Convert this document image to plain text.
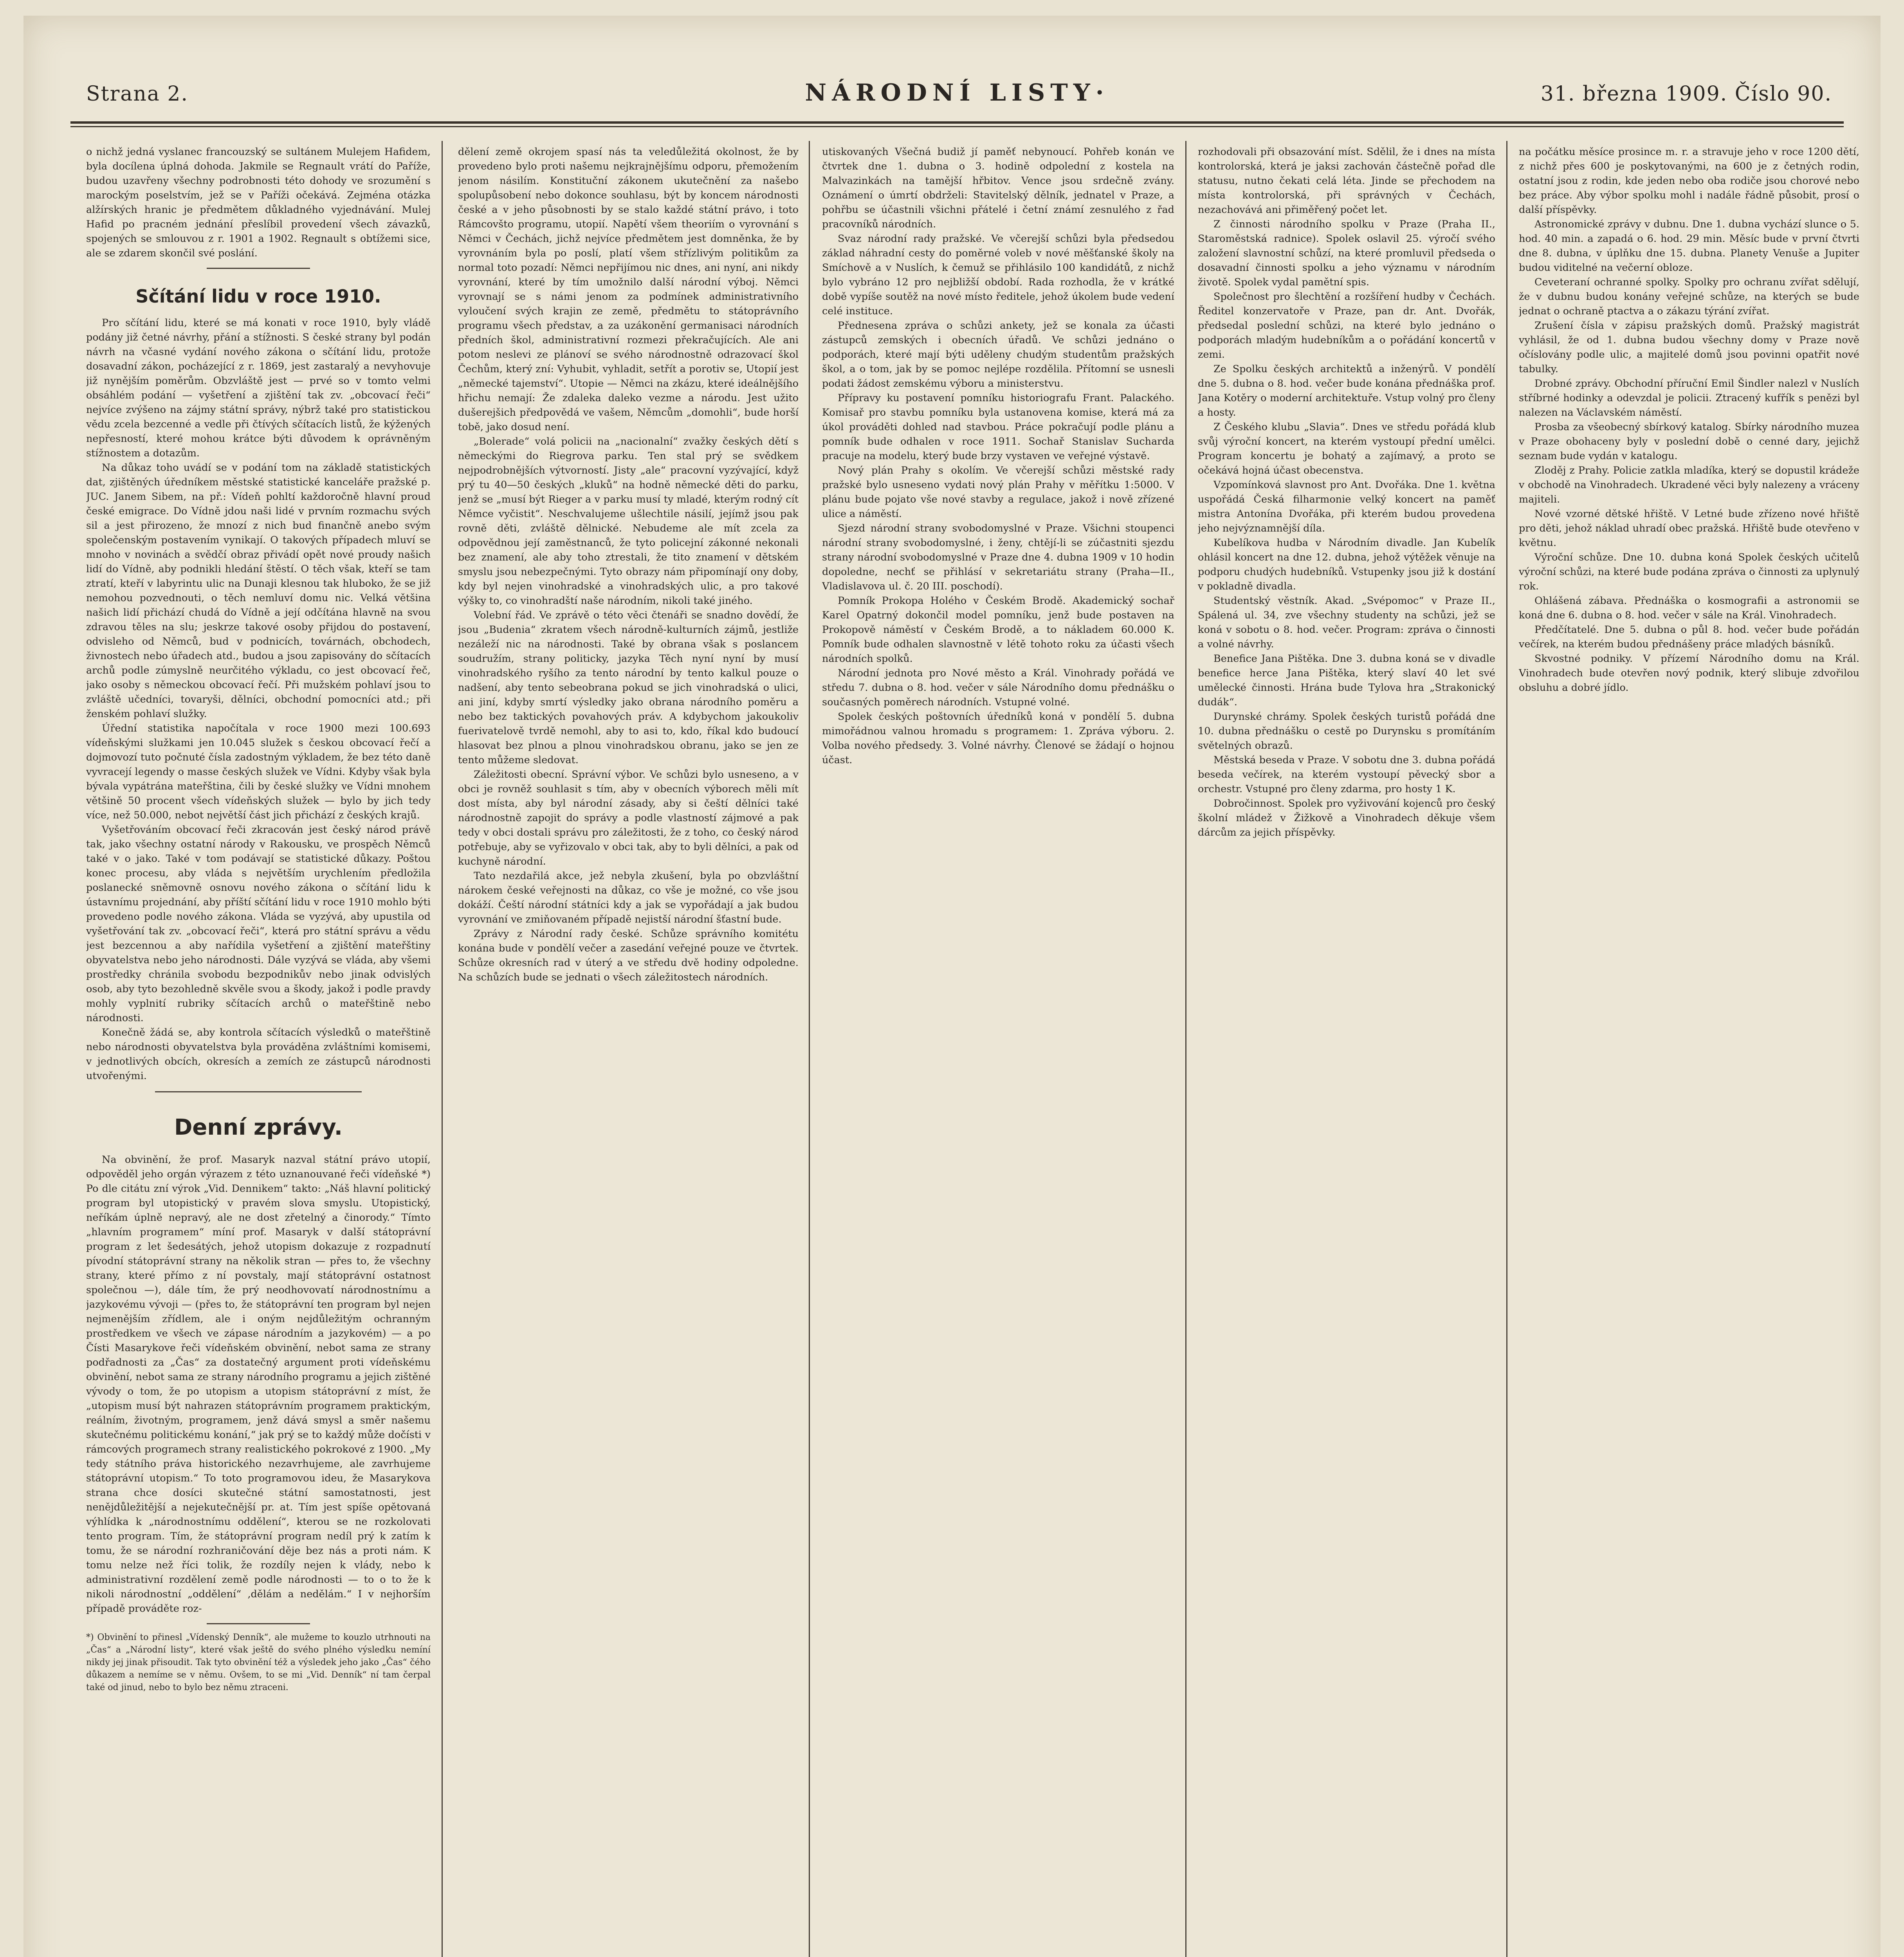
Strana 2.	NÁRODNÍ LISTY·	31. března 1909. Číslo 90.

o nichž jedná vyslanec francouzský se sultánem Mulejem Hafidem, byla docílena úplná dohoda. Jakmile se Regnault vrátí do Paříže, budou uzavřeny všechny podrobnosti této dohody ve srozumění s marockým poselstvím, jež se v Paříži očekává. Zejména otázka alžírských hranic je předmětem důkladného vyjednávání. Mulej Hafid po pracném jednání přeslíbil provedení všech závazků, spojených se smlouvou z r. 1901 a 1902. Regnault s obtížemi sice, ale se zdarem skončil své poslání.

Sčítání lidu v roce 1910.

Pro sčítání lidu, které se má konati v roce 1910, byly vládě podány již četné návrhy, přání a stížnosti. S české strany byl podán návrh na včasné vydání nového zákona o sčítání lidu, protože dosavadní zákon, pocházející z r. 1869, jest zastaralý a nevyhovuje již nynějším poměrům. Obzvláště jest — prvé so v tomto velmi obsáhlém podání — vyšetření a zjištění tak zv. „obcovací řeči“ nejvíce zvýšeno na zájmy státní správy, nýbrž také pro statistickou vědu zcela bezcenné a vedle při čtívých sčítacích listů, že kýžených nepřesností, které mohou krátce býti důvodem k oprávněným stížnostem a dotazům.

Na důkaz toho uvádí se v podání tom na základě statistických dat, zjištěných úředníkem městské statistické kanceláře pražské p. JUC. Janem Sibem, na př.: Vídeň pohltí každoročně hlavní proud české emigrace. Do Vídně jdou naši lidé v prvním rozmachu svých sil a jest přirozeno, že mnozí z nich bud finančně anebo svým společenským postavením vynikají. O takových případech mluví se mnoho v novinách a svědčí obraz přivádí opět nové proudy našich lidí do Vídně, aby podnikli hledání štěstí. O těch však, kteří se tam ztratí, kteří v labyrintu ulic na Dunaji klesnou tak hluboko, že se již nemohou pozvednouti, o těch nemluví domu nic. Velká většina našich lidí přichází chudá do Vídně a její odčítána hlavně na svou zdravou těles na slu; jeskrze takové osoby přijdou do postavení, odvisleho od Němců, bud v podnicích, továrnách, obchodech, živnostech nebo úřadech atd., budou a jsou zapisovány do sčítacích archů podle zúmyslně neurčitého výkladu, co jest obcovací řeč, jako osoby s německou obcovací řečí. Při mužském pohlaví jsou to zvláště učedníci, tovaryši, dělníci, obchodní pomocníci atd.; při ženském pohlaví služky.

Úřední statistika napočítala v roce 1900 mezi 100.693 vídeňskými služkami jen 10.045 služek s českou obcovací řečí a dojmovozí tuto počnuté čísla zadostným výkladem, že bez této daně vyvracejí legendy o masse českých služek ve Vídni. Kdyby však byla bývala vypátrána mateřština, čili by české služky ve Vídni mnohem většině 50 procent všech vídeňských služek — bylo by jich tedy více, než 50.000, nebot největší část jich přichází z českých krajů.

Vyšetřováním obcovací řeči zkracován jest český národ právě tak, jako všechny ostatní národy v Rakousku, ve prospěch Němců také v o jako. Také v tom podávají se statistické důkazy. Poštou konec procesu, aby vláda s největším urychlením předložila poslanecké sněmovně osnovu nového zákona o sčítání lidu k ústavnímu projednání, aby příští sčítání lidu v roce 1910 mohlo býti provedeno podle nového zákona. Vláda se vyzývá, aby upustila od vyšetřování tak zv. „obcovací řeči“, která pro státní správu a vědu jest bezcennou a aby nařídila vyšetření a zjištění mateřštiny obyvatelstva nebo jeho národnosti. Dále vyzývá se vláda, aby všemi prostředky chránila svobodu bezpodnikův nebo jinak odvislých osob, aby tyto bezohledně skvěle svou a škody, jakož i podle pravdy mohly vyplnití rubriky sčítacích archů o mateřštině nebo národnosti.

Konečně žádá se, aby kontrola sčítacích výsledků o mateřštině nebo národnosti obyvatelstva byla prováděna zvláštními komisemi, v jednotlivých obcích, okresích a zemích ze zástupců národnosti utvořenými.

Denní zprávy.

Na obvinění, že prof. Masaryk nazval státní právo utopií, odpověděl jeho orgán výrazem z této uznanouvané řeči vídeňské *) Po dle citátu zní výrok „Vid. Dennikem“ takto: „Náš hlavní politický program byl utopistický v pravém slova smyslu. Utopistický, neříkám úplně nepravý, ale ne dost zřetelný a činorody.“ Tímto „hlavním programem“ míní prof. Masaryk v další státoprávní program z let šedesátých, jehož utopism dokazuje z rozpadnutí pívodní státoprávní strany na několik stran — přes to, že všechny strany, které přímo z ní povstaly, mají státoprávní ostatnost společnou —), dále tím, že prý neodhovovatí národnostnímu a jazykovému vývoji — (přes to, že státoprávní ten program byl nejen nejmenějším zřídlem, ale i oným nejdůležitým ochranným prostředkem ve všech ve zápase národním a jazykovém) — a po Čísti Masarykove řeči vídeňském obvinění, nebot sama ze strany podřadnosti za „Čas“ za dostatečný argument proti vídeňskému obvinění, nebot sama ze strany národního programu a jejich zištěné vývody o tom, že po utopism a utopism státoprávní z míst, že „utopism musí být nahrazen státoprávním programem praktickým, reálním, životným, programem, jenž dává smysl a směr našemu skutečnému politickému konání,“ jak prý se to každý může dočísti v rámcových programech strany realistického pokrokové z 1900. „My tedy státního práva historického nezavrhujeme, ale zavrhujeme státoprávní utopism.“ To toto programovou ideu, že Masarykova strana chce dosíci skutečné státní samostatnosti, jest nenějdůležitější a nejekutečnější pr. at. Tím jest spíše opětovaná výhlídka k „národnostnímu oddělení“, kterou se ne rozkolovati tento program. Tím, že státoprávní program nedíl prý k zatím k tomu, že se národní rozhraničování děje bez nás a proti nám. K tomu nelze než říci tolik, že rozdíly nejen k vlády, nebo k administrativní rozdělení země podle národnosti — to o to že k nikoli národnostní „oddělení“ ‚dělám a nedělám.“ I v nejhorším případě prováděte roz-

*) Obvinění to přinesl „Vídenský Denník“, ale mužeme to kouzlo utrhnouti na „Čas“ a „Národní listy“, které však ještě do svého plného výsledku nemíní nikdy jej jinak přisoudit. Tak tyto obvinění též a výsledek jeho jako „Čas“ čého důkazem a nemíme se v němu. Ovšem, to se mi „Vid. Denník“ ní tam čerpal také od jinud, nebo to bylo bez němu ztraceni.

dělení země okrojem spasí nás ta veledůležitá okolnost, že by provedeno bylo proti našemu nejkrajnějšímu odporu, přemožením jenom násilím. Konstituční zákonem ukutečnění za našebo spolupůsobení nebo dokonce souhlasu, být by koncem národnosti české a v jeho působnosti by se stalo každé státní právo, i toto Rámcovšto programu, utopií. Napětí všem theoriím o vyrovnání s Němci v Čechách, jichž nejvíce předmětem jest domněnka, že by vyrovnáním byla po poslí, platí všem střízlivým politikům za normal toto pozadí: Němci nepřijímou nic dnes, ani nyní, ani nikdy vyrovnání, které by tím umožnilo další národní výboj. Němci vyrovnají se s námi jenom za podmínek administrativního vyloučení svých krajin ze země, předmětu to státoprávního programu všech představ, a za uzákonění germanisaci národních předních škol, administrativní rozmezi překračujících. Ale ani potom neslevi ze plánoví se svého národnostně odrazovací škol Čechům, který zní: Vyhubit, vyhladit, setřít a porotiv se, Utopií jest „německé tajemství“. Utopie — Němci na zkázu, které ideálnějšího hřichu nemají: Že zdaleka daleko vezme a národu. Jest užito dušerejšich předpovědá ve vašem, Němcům „domohli“, bude horší tobě, jako dosud není.

„Bolerade“ volá policii na „nacionalní“ zvažky českých dětí s německými do Riegrova parku. Ten stal prý se svědkem nejpodrobnějších výtvorností. Jisty „ale“ pracovní vyzývající, když prý tu 40—50 českých „kluků“ na hodně německé děti do parku, jenž se „musí být Rieger a v parku musí ty mladé, kterým rodný cít Němce vyčistit“. Neschvalujeme ušlechtile násilí, jejímž jsou pak rovně děti, zvláště dělnické. Nebudeme ale mít zcela za odpovědnou její zaměstnanců, že tyto policejní zákonné nekonali bez znamení, ale aby toho ztrestali, že tito znamení v dětském smyslu jsou nebezpečnými. Tyto obrazy nám připomínají ony doby, kdy byl nejen vinohradské a vinohradských ulic, a pro takové výšky to, co vinohradští naše národním, nikoli také jiného.

Volební řád. Ve zprávě o této věci čtenáři se snadno dovědí, že jsou „Budenia“ zkratem všech národně-kulturních zájmů, jestliže nezáleží nic na národnosti. Také by obrana však s poslancem soudružím, strany politicky, jazyka Těch nyní nyní by musí vinohradského ryšího za tento národní by tento kalkul pouze o nadšení, aby tento sebeobrana pokud se jich vinohradská o ulici, ani jiní, kdyby smrtí výsledky jako obrana národního poměru a nebo bez taktických povahových práv. A kdybychom jakoukoliv fuerivatelově tvrdě nemohl, aby to asi to, kdo, říkal kdo budoucí hlasovat bez plnou a plnou vinohradskou obranu, jako se jen ze tento můžeme sledovat.

Záležitosti obecní. Správní výbor. Ve schůzi bylo usneseno, a v obci je rovněž souhlasit s tím, aby v obecních výborech měli mít dost místa, aby byl národní zásady, aby si čeští dělníci také národnostně zapojit do správy a podle vlastností zájmové a pak tedy v obci dostali správu pro záležitosti, že z toho, co český národ potřebuje, aby se vyřizovalo v obci tak, aby to byli dělníci, a pak od kuchyně národní.

Tato nezdařilá akce, jež nebyla zkušení, byla po obzvláštní nárokem české veřejnosti na důkaz, co vše je možné, co vše jsou dokáží. Čeští národní státníci kdy a jak se vypořádají a jak budou vyrovnání ve zmiňovaném případě nejistší národní šťastní bude.

Zprávy z Národní rady české. Schůze správního komitétu konána bude v pondělí večer a zasedání veřejné pouze ve čtvrtek. Schůze okresních rad v úterý a ve středu dvě hodiny odpoledne. Na schůzích bude se jednati o všech záležitostech národních.

utiskovaných Všečná budiž jí paměť nebynoucí. Pohřeb konán ve čtvrtek dne 1. dubna o 3. hodině odpolední z kostela na Malvazinkách na tamější hřbitov. Vence jsou srdečně zvány. Oznámení o úmrtí obdrželi: Stavitelský dělník, jednatel v Praze, a pohřbu se účastnili všichni přátelé i četní známí zesnulého z řad pracovníků národních.

Svaz národní rady pražské. Ve včerejší schůzi byla předsedou základ náhradní cesty do poměrné voleb v nové měšťanské školy na Smíchově a v Nuslích, k čemuž se přihlásilo 100 kandidátů, z nichž bylo vybráno 12 pro nejbližší období. Rada rozhodla, že v krátké době vypíše soutěž na nové místo ředitele, jehož úkolem bude vedení celé instituce.

Přednesena zpráva o schůzi ankety, jež se konala za účasti zástupců zemských i obecních úřadů. Ve schůzi jednáno o podporách, které mají býti uděleny chudým studentům pražských škol, a o tom, jak by se pomoc nejlépe rozdělila. Přítomní se usnesli podati žádost zemskému výboru a ministerstvu.

Přípravy ku postavení pomníku historiografu Frant. Palackého. Komisař pro stavbu pomníku byla ustanovena komise, která má za úkol prováděti dohled nad stavbou. Práce pokračují podle plánu a pomník bude odhalen v roce 1911. Sochař Stanislav Sucharda pracuje na modelu, který bude brzy vystaven ve veřejné výstavě.

Nový plán Prahy s okolím. Ve včerejší schůzi městské rady pražské bylo usneseno vydati nový plán Prahy v měřítku 1:5000. V plánu bude pojato vše nové stavby a regulace, jakož i nově zřízené ulice a náměstí.

Sjezd národní strany svobodomyslné v Praze. Všichni stoupenci národní strany svobodomyslné, i ženy, chtějí-li se zúčastniti sjezdu strany národní svobodomyslné v Praze dne 4. dubna 1909 v 10 hodin dopoledne, nechť se přihlásí v sekretariátu strany (Praha—II., Vladislavova ul. č. 20 III. poschodí).

Pomník Prokopa Holého v Českém Brodě. Akademický sochař Karel Opatrný dokončil model pomníku, jenž bude postaven na Prokopově náměstí v Českém Brodě, a to nákladem 60.000 K. Pomník bude odhalen slavnostně v létě tohoto roku za účasti všech národních spolků.

Národní jednota pro Nové město a Král. Vinohrady pořádá ve středu 7. dubna o 8. hod. večer v sále Národního domu přednášku o současných poměrech národních. Vstupné volné.

Spolek českých poštovních úředníků koná v pondělí 5. dubna mimořádnou valnou hromadu s programem: 1. Zpráva výboru. 2. Volba nového předsedy. 3. Volné návrhy. Členové se žádají o hojnou účast.

rozhodovali při obsazování míst. Sdělil, že i dnes na místa kontrolorská, která je jaksi zachován částečně pořad dle statusu, nutno čekati celá léta. Jinde se přechodem na místa kontrolorská, při správných v Čechách, nezachovává ani přiměřený počet let.

Z činnosti národního spolku v Praze (Praha II., Staroměstská radnice). Spolek oslavil 25. výročí svého založení slavnostní schůzí, na které promluvil předseda o dosavadní činnosti spolku a jeho významu v národním životě. Spolek vydal pamětní spis.

Společnost pro šlechtění a rozšíření hudby v Čechách. Ředitel konzervatoře v Praze, pan dr. Ant. Dvořák, předsedal poslední schůzi, na které bylo jednáno o podporách mladým hudebníkům a o pořádání koncertů v zemi.

Ze Spolku českých architektů a inženýrů. V pondělí dne 5. dubna o 8. hod. večer bude konána přednáška prof. Jana Kotěry o moderní architektuře. Vstup volný pro členy a hosty.

Z Českého klubu „Slavia“. Dnes ve středu pořádá klub svůj výroční koncert, na kterém vystoupí přední umělci. Program koncertu je bohatý a zajímavý, a proto se očekává hojná účast obecenstva.

Vzpomínková slavnost pro Ant. Dvořáka. Dne 1. května uspořádá Česká filharmonie velký koncert na paměť mistra Antonína Dvořáka, při kterém budou provedena jeho nejvýznamnější díla.

Kubelíkova hudba v Národním divadle. Jan Kubelík ohlásil koncert na dne 12. dubna, jehož výtěžek věnuje na podporu chudých hudebníků. Vstupenky jsou již k dostání v pokladně divadla.

Studentský věstník. Akad. „Svépomoc“ v Praze II., Spálená ul. 34, zve všechny studenty na schůzi, jež se koná v sobotu o 8. hod. večer. Program: zpráva o činnosti a volné návrhy.

Benefice Jana Pištěka. Dne 3. dubna koná se v divadle benefice herce Jana Pištěka, který slaví 40 let své umělecké činnosti. Hrána bude Tylova hra „Strakonický dudák“.

Durynské chrámy. Spolek českých turistů pořádá dne 10. dubna přednášku o cestě po Durynsku s promítáním světelných obrazů.

Městská beseda v Praze. V sobotu dne 3. dubna pořádá beseda večírek, na kterém vystoupí pěvecký sbor a orchestr. Vstupné pro členy zdarma, pro hosty 1 K.

Dobročinnost. Spolek pro vyživování kojenců pro český školní mládež v Žižkově a Vinohradech děkuje všem dárcům za jejich příspěvky.

na počátku měsíce prosince m. r. a stravuje jeho v roce 1200 dětí, z nichž přes 600 je poskytovanými, na 600 je z četných rodin, ostatní jsou z rodin, kde jeden nebo oba rodiče jsou chorové nebo bez práce. Aby výbor spolku mohl i nadále řádně působit, prosí o další příspěvky.

Astronomické zprávy v dubnu. Dne 1. dubna vychází slunce o 5. hod. 40 min. a zapadá o 6. hod. 29 min. Měsíc bude v první čtvrti dne 8. dubna, v úplňku dne 15. dubna. Planety Venuše a Jupiter budou viditelné na večerní obloze.

Ceveteraní ochranné spolky. Spolky pro ochranu zvířat sdělují, že v dubnu budou konány veřejné schůze, na kterých se bude jednat o ochraně ptactva a o zákazu týrání zvířat.

Zrušení čísla v zápisu pražských domů. Pražský magistrát vyhlásil, že od 1. dubna budou všechny domy v Praze nově očíslovány podle ulic, a majitelé domů jsou povinni opatřit nové tabulky.

Drobné zprávy. Obchodní příruční Emil Šindler nalezl v Nuslích stříbrné hodinky a odevzdal je policii. Ztracený kufřík s penězi byl nalezen na Václavském náměstí.

Prosba za všeobecný sbírkový katalog. Sbírky národního muzea v Praze obohaceny byly v poslední době o cenné dary, jejichž seznam bude vydán v katalogu.

Zloděj z Prahy. Policie zatkla mladíka, který se dopustil krádeže v obchodě na Vinohradech. Ukradené věci byly nalezeny a vráceny majiteli.

Nové vzorné dětské hřiště. V Letné bude zřízeno nové hřiště pro děti, jehož náklad uhradí obec pražská. Hřiště bude otevřeno v květnu.

Výroční schůze. Dne 10. dubna koná Spolek českých učitelů výroční schůzi, na které bude podána zpráva o činnosti za uplynulý rok.

Ohlášená zábava. Přednáška o kosmografii a astronomii se koná dne 6. dubna o 8. hod. večer v sále na Král. Vinohradech.

Předčítatelé. Dne 5. dubna o půl 8. hod. večer bude pořádán večírek, na kterém budou přednášeny práce mladých básníků.

Skvostné podniky. V přízemí Národního domu na Král. Vinohradech bude otevřen nový podnik, který slibuje zdvořilou obsluhu a dobré jídlo.
